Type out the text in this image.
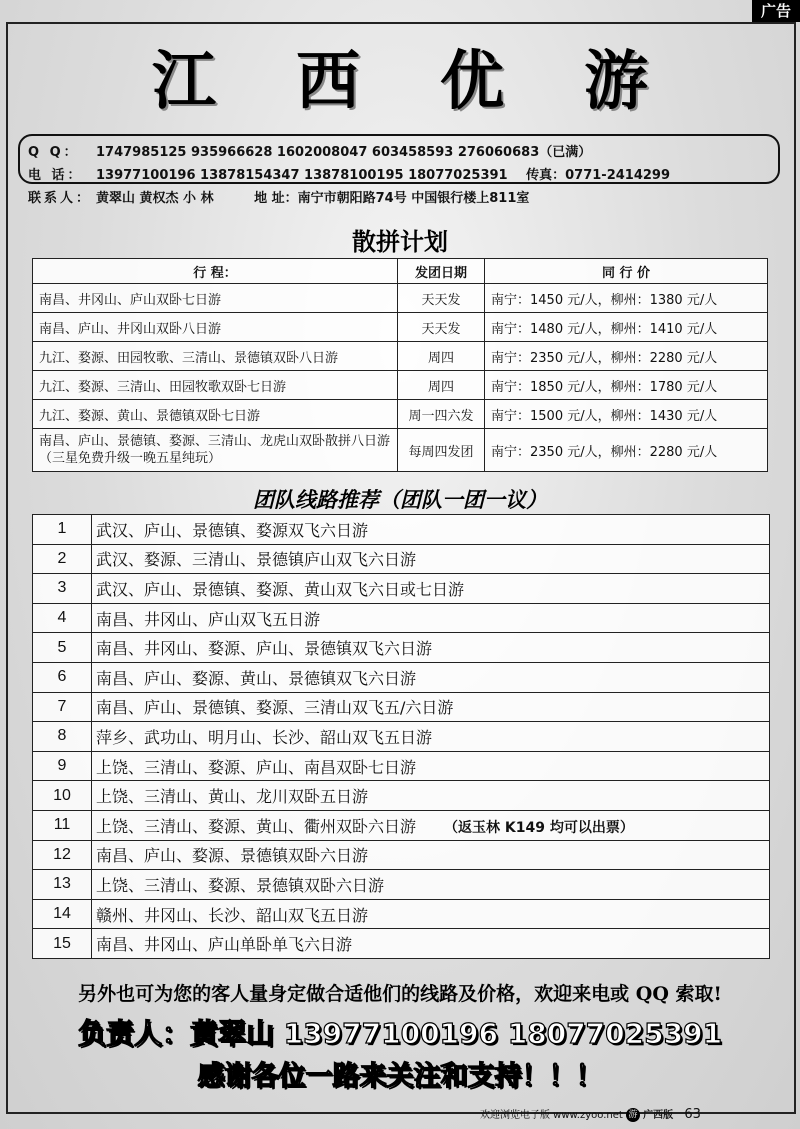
广告
江西优游
Q Q： 1747985125 935966628 1602008047 603458593 276060683（已满）
电 话： 13977100196 13878154347 13878100195 18077025391 传真：0771-2414299
联系人： 黄翠山 黄权杰 小 林	地 址：南宁市朝阳路74号 中国银行楼上811室
散拼计划
行 程：	发团日期	同 行 价
南昌、井冈山、庐山双卧七日游	天天发	南宁：1450 元/人，柳州：1380 元/人
南昌、庐山、井冈山双卧八日游	天天发	南宁：1480 元/人，柳州：1410 元/人
九江、婺源、田园牧歌、三清山、景德镇双卧八日游	周四	南宁：2350 元/人，柳州：2280 元/人
九江、婺源、三清山、田园牧歌双卧七日游	周四	南宁：1850 元/人，柳州：1780 元/人
九江、婺源、黄山、景德镇双卧七日游	周一四六发	南宁：1500 元/人，柳州：1430 元/人
南昌、庐山、景德镇、婺源、三清山、龙虎山双卧散拼八日游 （三星免费升级一晚五星纯玩）	每周四发团	南宁：2350 元/人，柳州：2280 元/人
团队线路推荐（团队一团一议）
1	武汉、庐山、景德镇、婺源双飞六日游
2	武汉、婺源、三清山、景德镇庐山双飞六日游
3	武汉、庐山、景德镇、婺源、黄山双飞六日或七日游
4	南昌、井冈山、庐山双飞五日游
5	南昌、井冈山、婺源、庐山、景德镇双飞六日游
6	南昌、庐山、婺源、黄山、景德镇双飞六日游
7	南昌、庐山、景德镇、婺源、三清山双飞五/六日游
8	萍乡、武功山、明月山、长沙、韶山双飞五日游
9	上饶、三清山、婺源、庐山、南昌双卧七日游
10	上饶、三清山、黄山、龙川双卧五日游
11	上饶、三清山、婺源、黄山、衢州双卧六日游 （返玉林 K149 均可以出票）
12	南昌、庐山、婺源、景德镇双卧六日游
13	上饶、三清山、婺源、景德镇双卧六日游
14	赣州、井冈山、长沙、韶山双飞五日游
15	南昌、井冈山、庐山单卧单飞六日游
另外也可为您的客人量身定做合适他们的线路及价格，欢迎来电或 QQ 索取!
负责人：黄翠山 13977100196 18077025391
感谢各位一路来关注和支持！！！
欢迎浏览电子版 www.zyoo.net 游 广西版 63
